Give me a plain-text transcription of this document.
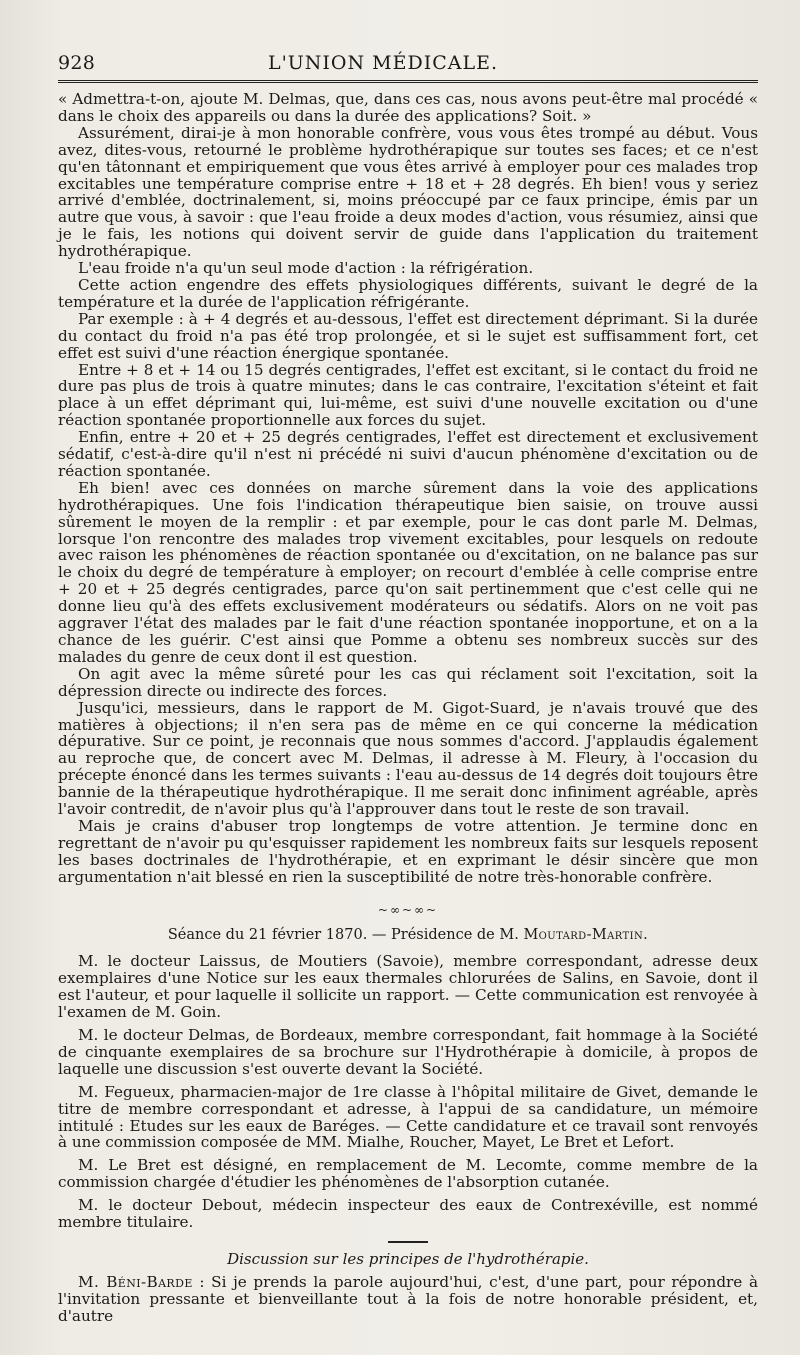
928	L'UNION MÉDICALE.

« Admettra-t-on, ajoute M. Delmas, que, dans ces cas, nous avons peut-être mal procédé « dans le choix des appareils ou dans la durée des applications? Soit. »

Assurément, dirai-je à mon honorable confrère, vous vous êtes trompé au début. Vous avez, dites-vous, retourné le problème hydrothérapique sur toutes ses faces; et ce n'est qu'en tâtonnant et empiriquement que vous êtes arrivé à employer pour ces malades trop excitables une température comprise entre + 18 et + 28 degrés. Eh bien! vous y seriez arrivé d'emblée, doctrinalement, si, moins préoccupé par ce faux principe, émis par un autre que vous, à savoir : que l'eau froide a deux modes d'action, vous résumiez, ainsi que je le fais, les notions qui doivent servir de guide dans l'application du traitement hydrothérapique.

L'eau froide n'a qu'un seul mode d'action : la réfrigération.

Cette action engendre des effets physiologiques différents, suivant le degré de la température et la durée de l'application réfrigérante.

Par exemple : à + 4 degrés et au-dessous, l'effet est directement déprimant. Si la durée du contact du froid n'a pas été trop prolongée, et si le sujet est suffisamment fort, cet effet est suivi d'une réaction énergique spontanée.

Entre + 8 et + 14 ou 15 degrés centigrades, l'effet est excitant, si le contact du froid ne dure pas plus de trois à quatre minutes; dans le cas contraire, l'excitation s'éteint et fait place à un effet déprimant qui, lui-même, est suivi d'une nouvelle excitation ou d'une réaction spontanée proportionnelle aux forces du sujet.

Enfin, entre + 20 et + 25 degrés centigrades, l'effet est directement et exclusivement sédatif, c'est-à-dire qu'il n'est ni précédé ni suivi d'aucun phénomène d'excitation ou de réaction spontanée.

Eh bien! avec ces données on marche sûrement dans la voie des applications hydrothérapiques. Une fois l'indication thérapeutique bien saisie, on trouve aussi sûrement le moyen de la remplir : et par exemple, pour le cas dont parle M. Delmas, lorsque l'on rencontre des malades trop vivement excitables, pour lesquels on redoute avec raison les phénomènes de réaction spontanée ou d'excitation, on ne balance pas sur le choix du degré de température à employer; on recourt d'emblée à celle comprise entre + 20 et + 25 degrés centigrades, parce qu'on sait pertinemment que c'est celle qui ne donne lieu qu'à des effets exclusivement modérateurs ou sédatifs. Alors on ne voit pas aggraver l'état des malades par le fait d'une réaction spontanée inopportune, et on a la chance de les guérir. C'est ainsi que Pomme a obtenu ses nombreux succès sur des malades du genre de ceux dont il est question.

On agit avec la même sûreté pour les cas qui réclament soit l'excitation, soit la dépression directe ou indirecte des forces.

Jusqu'ici, messieurs, dans le rapport de M. Gigot-Suard, je n'avais trouvé que des matières à objections; il n'en sera pas de même en ce qui concerne la médication dépurative. Sur ce point, je reconnais que nous sommes d'accord. J'applaudis également au reproche que, de concert avec M. Delmas, il adresse à M. Fleury, à l'occasion du précepte énoncé dans les termes suivants : l'eau au-dessus de 14 degrés doit toujours être bannie de la thérapeutique hydrothérapique. Il me serait donc infiniment agréable, après l'avoir contredit, de n'avoir plus qu'à l'approuver dans tout le reste de son travail.

Mais je crains d'abuser trop longtemps de votre attention. Je termine donc en regrettant de n'avoir pu qu'esquisser rapidement les nombreux faits sur lesquels reposent les bases doctrinales de l'hydrothérapie, et en exprimant le désir sincère que mon argumentation n'ait blessé en rien la susceptibilité de notre très-honorable confrère.

~∞~∞~
Séance du 21 février 1870. — Présidence de M. Moutard-Martin.

M. le docteur Laissus, de Moutiers (Savoie), membre correspondant, adresse deux exemplaires d'une Notice sur les eaux thermales chlorurées de Salins, en Savoie, dont il est l'auteur, et pour laquelle il sollicite un rapport. — Cette communication est renvoyée à l'examen de M. Goin.

M. le docteur Delmas, de Bordeaux, membre correspondant, fait hommage à la Société de cinquante exemplaires de sa brochure sur l'Hydrothérapie à domicile, à propos de laquelle une discussion s'est ouverte devant la Société.

M. Fegueux, pharmacien-major de 1re classe à l'hôpital militaire de Givet, demande le titre de membre correspondant et adresse, à l'appui de sa candidature, un mémoire intitulé : Etudes sur les eaux de Baréges. — Cette candidature et ce travail sont renvoyés à une commission composée de MM. Mialhe, Roucher, Mayet, Le Bret et Lefort.

M. Le Bret est désigné, en remplacement de M. Lecomte, comme membre de la commission chargée d'étudier les phénomènes de l'absorption cutanée.

M. le docteur Debout, médecin inspecteur des eaux de Contrexéville, est nommé membre titulaire.

Discussion sur les principes de l'hydrothérapie.

M. Béni-Barde : Si je prends la parole aujourd'hui, c'est, d'une part, pour répondre à l'invitation pressante et bienveillante tout à la fois de notre honorable président, et, d'autre
